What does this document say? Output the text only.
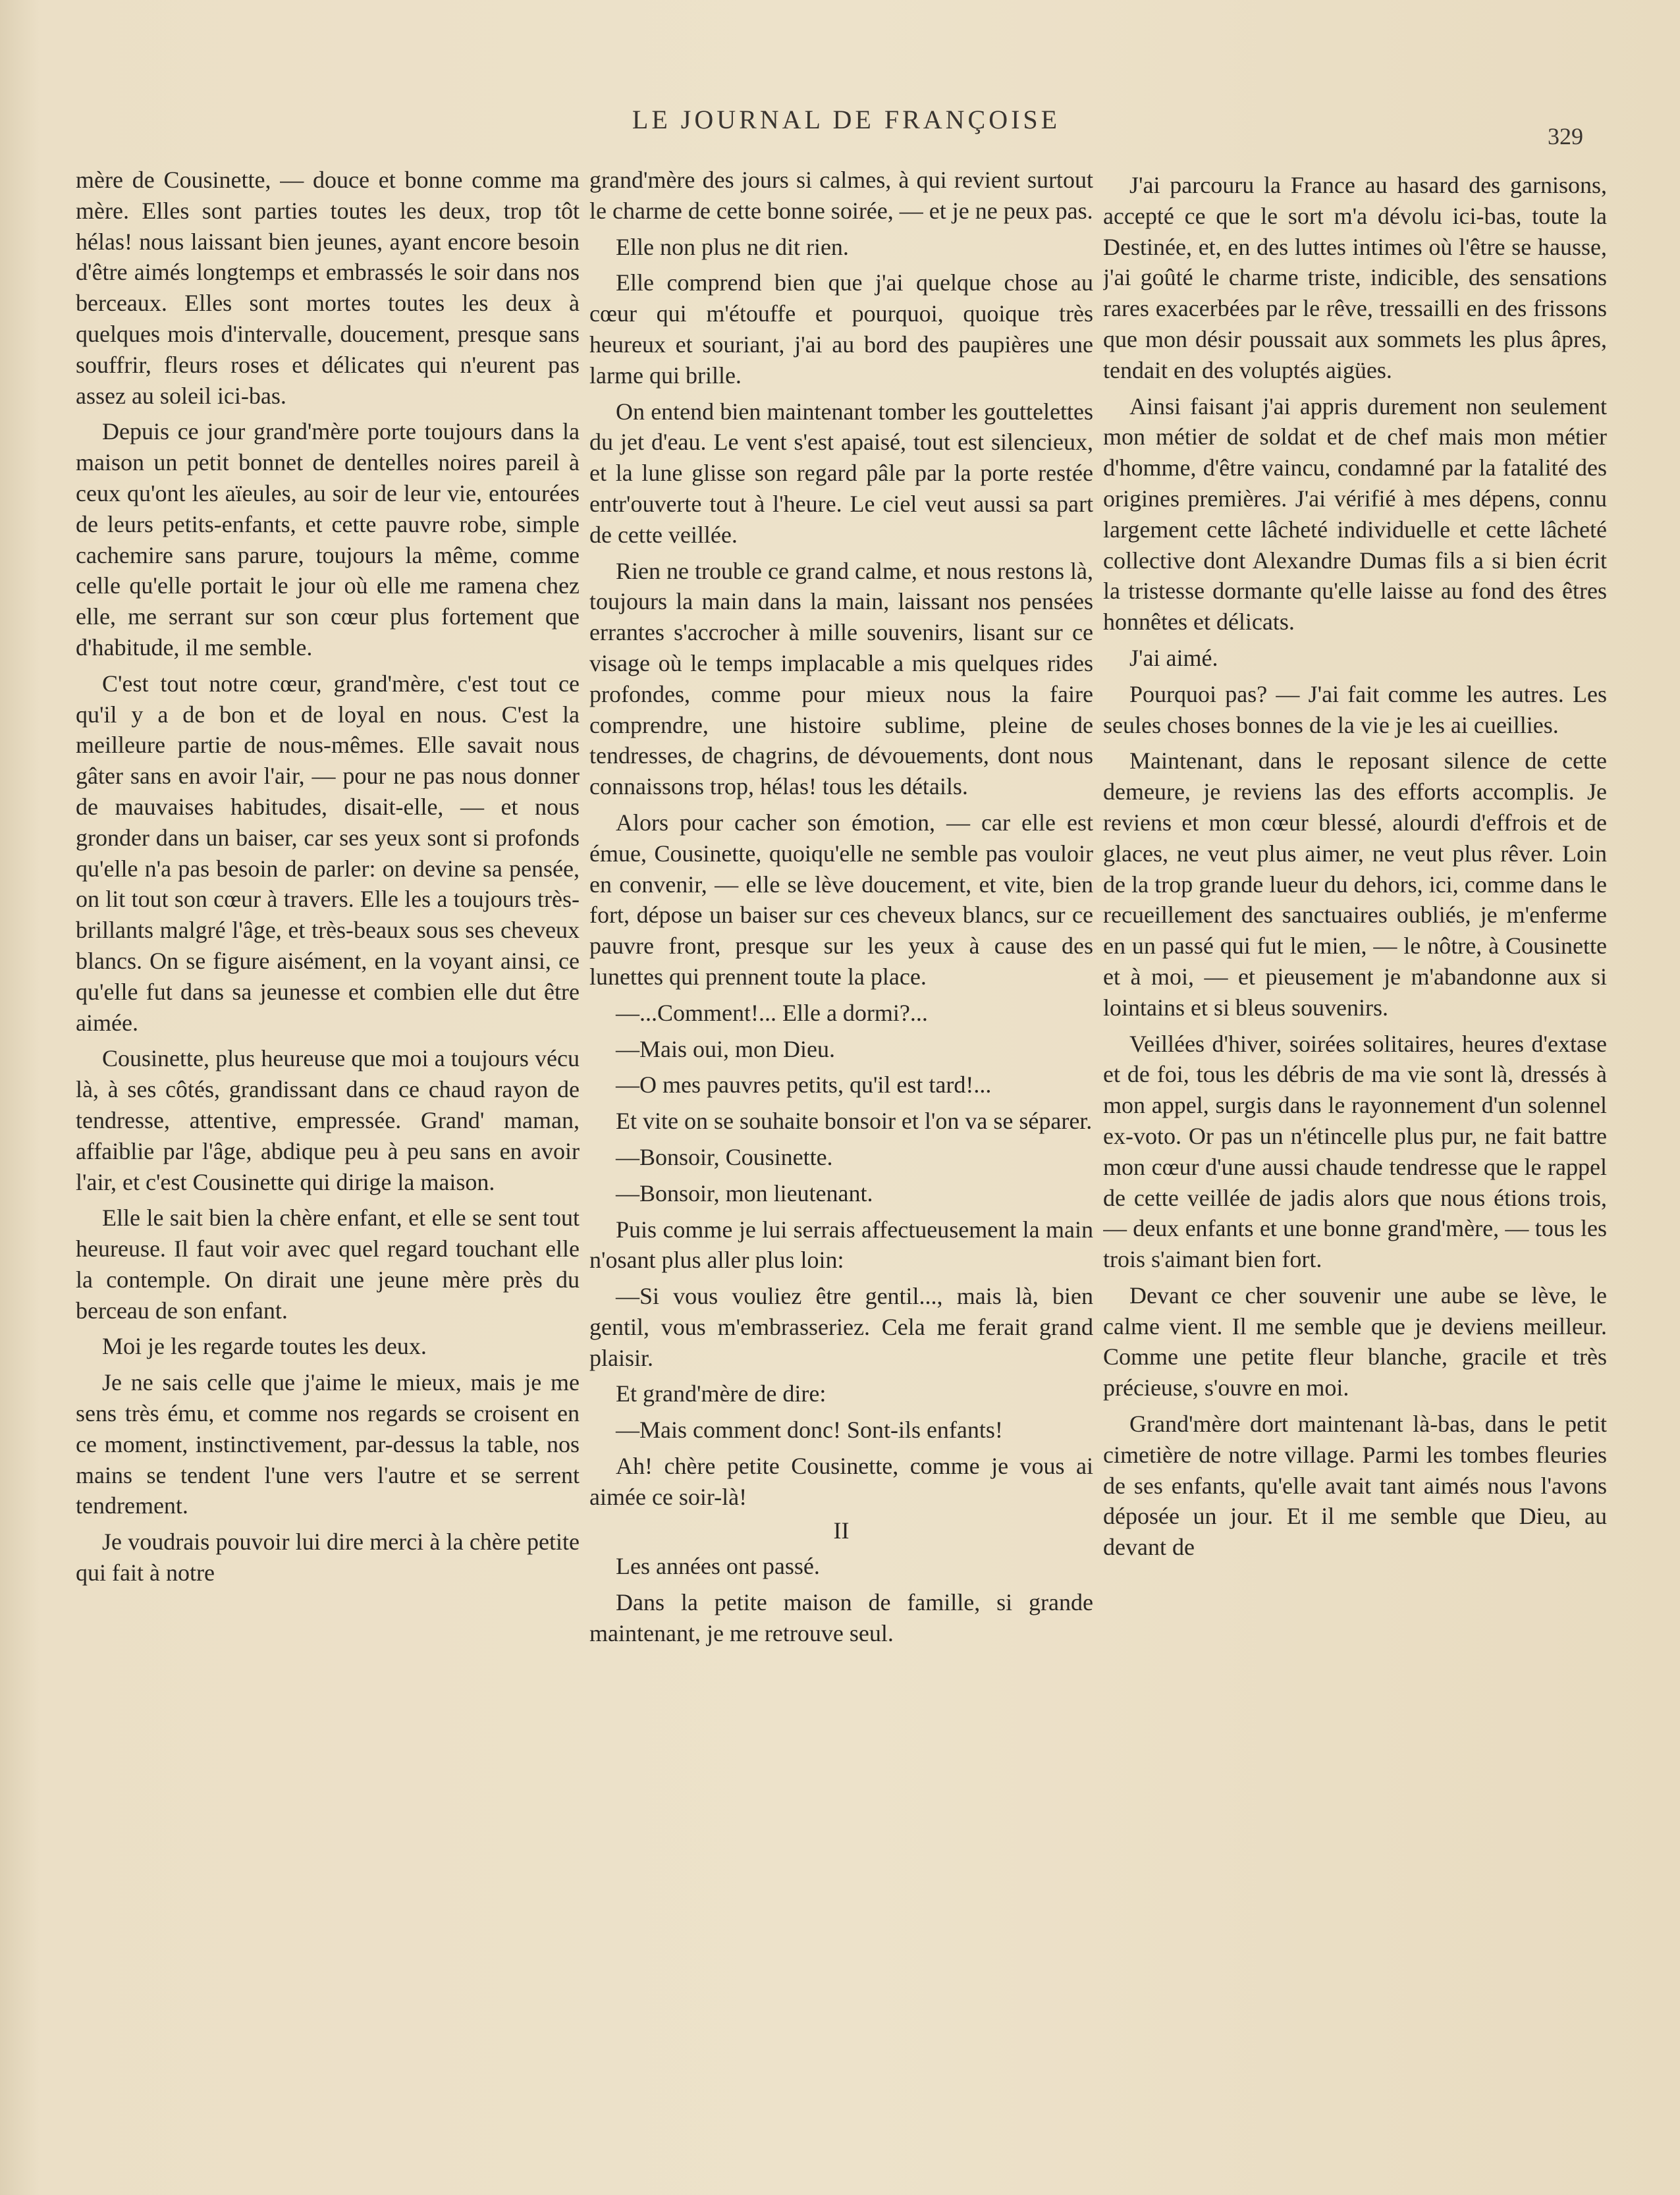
LE JOURNAL DE FRANÇOISE
329

mère de Cousinette, — douce et bonne comme ma mère. Elles sont parties toutes les deux, trop tôt hélas! nous laissant bien jeunes, ayant encore besoin d'être aimés longtemps et embrassés le soir dans nos berceaux. Elles sont mortes toutes les deux à quelques mois d'intervalle, doucement, presque sans souffrir, fleurs roses et délicates qui n'eurent pas assez au soleil ici-bas.

Depuis ce jour grand'mère porte toujours dans la maison un petit bonnet de dentelles noires pareil à ceux qu'ont les aïeules, au soir de leur vie, entourées de leurs petits-enfants, et cette pauvre robe, simple cachemire sans parure, toujours la même, comme celle qu'elle portait le jour où elle me ramena chez elle, me serrant sur son cœur plus fortement que d'habitude, il me semble.

C'est tout notre cœur, grand'mère, c'est tout ce qu'il y a de bon et de loyal en nous. C'est la meilleure partie de nous-mêmes. Elle savait nous gâter sans en avoir l'air, — pour ne pas nous donner de mauvaises habitudes, disait-elle, — et nous gronder dans un baiser, car ses yeux sont si profonds qu'elle n'a pas besoin de parler: on devine sa pensée, on lit tout son cœur à travers. Elle les a toujours très-brillants malgré l'âge, et très-beaux sous ses cheveux blancs. On se figure aisément, en la voyant ainsi, ce qu'elle fut dans sa jeunesse et combien elle dut être aimée.

Cousinette, plus heureuse que moi a toujours vécu là, à ses côtés, grandissant dans ce chaud rayon de tendresse, attentive, empressée. Grand' maman, affaiblie par l'âge, abdique peu à peu sans en avoir l'air, et c'est Cousinette qui dirige la maison.

Elle le sait bien la chère enfant, et elle se sent tout heureuse. Il faut voir avec quel regard touchant elle la contemple. On dirait une jeune mère près du berceau de son enfant.

Moi je les regarde toutes les deux.

Je ne sais celle que j'aime le mieux, mais je me sens très ému, et comme nos regards se croisent en ce moment, instinctivement, par-dessus la table, nos mains se tendent l'une vers l'autre et se serrent tendrement.

Je voudrais pouvoir lui dire merci à la chère petite qui fait à notre

grand'mère des jours si calmes, à qui revient surtout le charme de cette bonne soirée, — et je ne peux pas.

Elle non plus ne dit rien.

Elle comprend bien que j'ai quelque chose au cœur qui m'étouffe et pourquoi, quoique très heureux et souriant, j'ai au bord des paupières une larme qui brille.

On entend bien maintenant tomber les gouttelettes du jet d'eau. Le vent s'est apaisé, tout est silencieux, et la lune glisse son regard pâle par la porte restée entr'ouverte tout à l'heure. Le ciel veut aussi sa part de cette veillée.

Rien ne trouble ce grand calme, et nous restons là, toujours la main dans la main, laissant nos pensées errantes s'accrocher à mille souvenirs, lisant sur ce visage où le temps implacable a mis quelques rides profondes, comme pour mieux nous la faire comprendre, une histoire sublime, pleine de tendresses, de chagrins, de dévouements, dont nous connaissons trop, hélas! tous les détails.

Alors pour cacher son émotion, — car elle est émue, Cousinette, quoiqu'elle ne semble pas vouloir en convenir, — elle se lève doucement, et vite, bien fort, dépose un baiser sur ces cheveux blancs, sur ce pauvre front, presque sur les yeux à cause des lunettes qui prennent toute la place.

—...Comment!... Elle a dormi?...

—Mais oui, mon Dieu.

—O mes pauvres petits, qu'il est tard!...

Et vite on se souhaite bonsoir et l'on va se séparer.

—Bonsoir, Cousinette.

—Bonsoir, mon lieutenant.

Puis comme je lui serrais affectueusement la main n'osant plus aller plus loin:

—Si vous vouliez être gentil..., mais là, bien gentil, vous m'embrasseriez. Cela me ferait grand plaisir.

Et grand'mère de dire:

—Mais comment donc! Sont-ils enfants!

Ah! chère petite Cousinette, comme je vous ai aimée ce soir-là!

II

Les années ont passé.

Dans la petite maison de famille, si grande maintenant, je me retrouve seul.

J'ai parcouru la France au hasard des garnisons, accepté ce que le sort m'a dévolu ici-bas, toute la Destinée, et, en des luttes intimes où l'être se hausse, j'ai goûté le charme triste, indicible, des sensations rares exacerbées par le rêve, tressailli en des frissons que mon désir poussait aux sommets les plus âpres, tendait en des voluptés aigües.

Ainsi faisant j'ai appris durement non seulement mon métier de soldat et de chef mais mon métier d'homme, d'être vaincu, condamné par la fatalité des origines premières. J'ai vérifié à mes dépens, connu largement cette lâcheté individuelle et cette lâcheté collective dont Alexandre Dumas fils a si bien écrit la tristesse dormante qu'elle laisse au fond des êtres honnêtes et délicats.

J'ai aimé.

Pourquoi pas? — J'ai fait comme les autres. Les seules choses bonnes de la vie je les ai cueillies.

Maintenant, dans le reposant silence de cette demeure, je reviens las des efforts accomplis. Je reviens et mon cœur blessé, alourdi d'effrois et de glaces, ne veut plus aimer, ne veut plus rêver. Loin de la trop grande lueur du dehors, ici, comme dans le recueillement des sanctuaires oubliés, je m'enferme en un passé qui fut le mien, — le nôtre, à Cousinette et à moi, — et pieusement je m'abandonne aux si lointains et si bleus souvenirs.

Veillées d'hiver, soirées solitaires, heures d'extase et de foi, tous les débris de ma vie sont là, dressés à mon appel, surgis dans le rayonnement d'un solennel ex-voto. Or pas un n'étincelle plus pur, ne fait battre mon cœur d'une aussi chaude tendresse que le rappel de cette veillée de jadis alors que nous étions trois, — deux enfants et une bonne grand'mère, — tous les trois s'aimant bien fort.

Devant ce cher souvenir une aube se lève, le calme vient. Il me semble que je deviens meilleur. Comme une petite fleur blanche, gracile et très précieuse, s'ouvre en moi.

Grand'mère dort maintenant là-bas, dans le petit cimetière de notre village. Parmi les tombes fleuries de ses enfants, qu'elle avait tant aimés nous l'avons déposée un jour. Et il me semble que Dieu, au devant de
